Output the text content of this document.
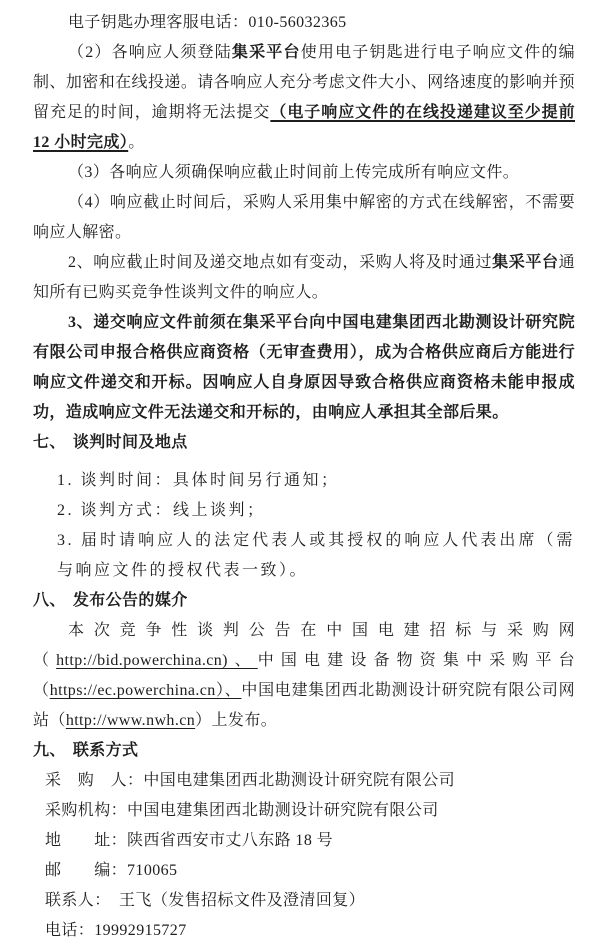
电子钥匙办理客服电话：010-56032365

（2）各响应人须登陆集采平台使用电子钥匙进行电子响应文件的编制、加密和在线投递。请各响应人充分考虑文件大小、网络速度的影响并预留充足的时间，逾期将无法提交（电子响应文件的在线投递建议至少提前 12 小时完成）。

（3）各响应人须确保响应截止时间前上传完成所有响应文件。

（4）响应截止时间后，采购人采用集中解密的方式在线解密，不需要响应人解密。

2、响应截止时间及递交地点如有变动，采购人将及时通过集采平台通知所有已购买竞争性谈判文件的响应人。

3、递交响应文件前须在集采平台向中国电建集团西北勘测设计研究院有限公司申报合格供应商资格（无审查费用），成为合格供应商后方能进行响应文件递交和开标。因响应人自身原因导致合格供应商资格未能申报成功，造成响应文件无法递交和开标的，由响应人承担其全部后果。

七、 谈判时间及地点
1. 谈判时间：具体时间另行通知；
2. 谈判方式：线上谈判；
3. 届时请响应人的法定代表人或其授权的响应人代表出席（需与响应文件的授权代表一致）。
八、 发布公告的媒介

本次竞争性谈判公告在中国电建招标与采购网（http://bid.powerchina.cn)、中国电建设备物资集中采购平台（https://ec.powerchina.cn）、中国电建集团西北勘测设计研究院有限公司网站（http://www.nwh.cn）上发布。

九、 联系方式
采　购　人：中国电建集团西北勘测设计研究院有限公司
采购机构：中国电建集团西北勘测设计研究院有限公司
地　　址：陕西省西安市丈八东路 18 号
邮　　编：710065
联系人：　王飞（发售招标文件及澄清回复）
电话：19992915727
